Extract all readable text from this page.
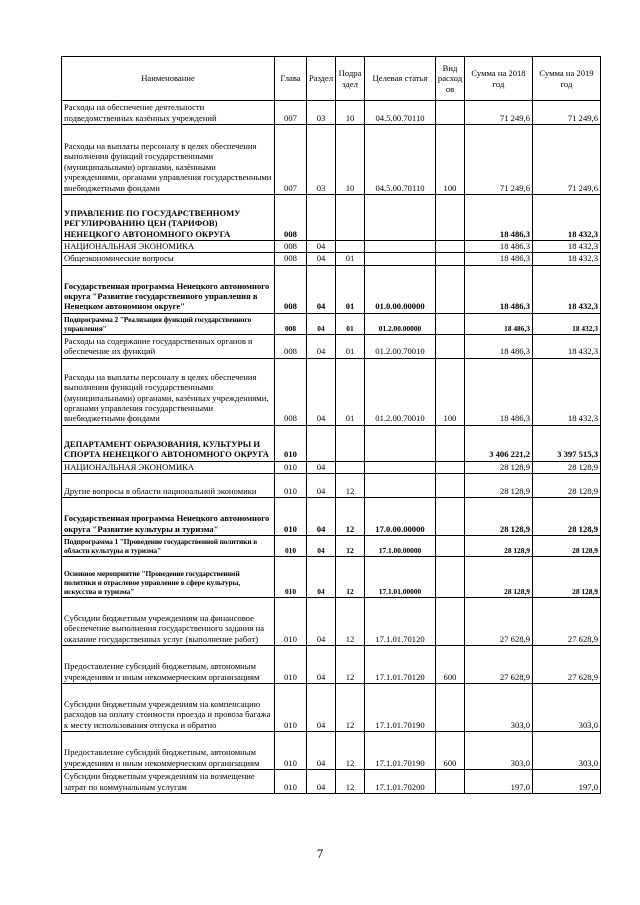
Наименование	Глава	Раздел	Подраздел	Целевая статья	Вид расходов	Сумма на 2018 год	Сумма на 2019 год
Расходы на обеспечение деятельности подведомственных казённых учреждений	007	03	10	04.5.00.70110		71 249,6	71 249,6
Расходы на выплаты персоналу в целях обеспечения выполнения функций государственными (муниципальными) органами, казёнными учреждениями, органами управления государственными внебюджетными фондами	007	03	10	04.5.00.70110	100	71 249,6	71 249,6
УПРАВЛЕНИЕ ПО ГОСУДАРСТВЕННОМУ РЕГУЛИРОВАНИЮ ЦЕН (ТАРИФОВ) НЕНЕЦКОГО АВТОНОМНОГО ОКРУГА	008					18 486,3	18 432,3
НАЦИОНАЛЬНАЯ ЭКОНОМИКА	008	04				18 486,3	18 432,3
Общеэкономические вопросы	008	04	01			18 486,3	18 432,3
Государственная программа Ненецкого автономного округа "Развитие государственного управления в Ненецком автономном округе"	008	04	01	01.0.00.00000		18 486,3	18 432,3
Подпрограмма 2 "Реализация функций государственного управления"	008	04	01	01.2.00.00000		18 486,3	18 432,3
Расходы на содержание государственных органов и обеспечение их функций	008	04	01	01.2.00.70010		18 486,3	18 432,3
Расходы на выплаты персоналу в целях обеспечения выполнения функций государственными (муниципальными) органами, казённых учреждениями, органами управления государственными внебюджетными фондами	008	04	01	01.2.00.70010	100	18 486,3	18 432,3
ДЕПАРТАМЕНТ ОБРАЗОВАНИЯ, КУЛЬТУРЫ И СПОРТА НЕНЕЦКОГО АВТОНОМНОГО ОКРУГА	010					3 406 221,2	3 397 515,3
НАЦИОНАЛЬНАЯ ЭКОНОМИКА	010	04				28 128,9	28 128,9
Другие вопросы в области национальной экономики	010	04	12			28 128,9	28 128,9
Государственная программа Ненецкого автономного округа "Развитие культуры и туризма"	010	04	12	17.0.00.00000		28 128,9	28 128,9
Подпрограмма 1 "Проведение государственной политики в области культуры и туризма"	010	04	12	17.1.00.00000		28 128,9	28 128,9
Основное мероприятие "Проведение государственной политики и отраслевое управление в сфере культуры, искусства и туризма"	010	04	12	17.1.01.00000		28 128,9	28 128,9
Субсидии бюджетным учреждениям на финансовое обеспечение выполнения государственного задания на оказание государственных услуг (выполнение работ)	010	04	12	17.1.01.70120		27 628,9	27 628,9
Предоставление субсидий бюджетным, автономным учреждениям и иным некоммерческим организациям	010	04	12	17.1.01.70120	600	27 628,9	27 628,9
Субсидии бюджетным учреждениям на компенсацию расходов на оплату стоимости проезда и провоза багажа к месту использования отпуска и обратно	010	04	12	17.1.01.70190		303,0	303,0
Предоставление субсидий бюджетным, автономным учреждениям и иным некоммерческим организациям	010	04	12	17.1.01.70190	600	303,0	303,0
Субсидии бюджетным учреждениям на возмещение затрат по коммунальным услугам	010	04	12	17.1.01.70200		197,0	197,0
7
